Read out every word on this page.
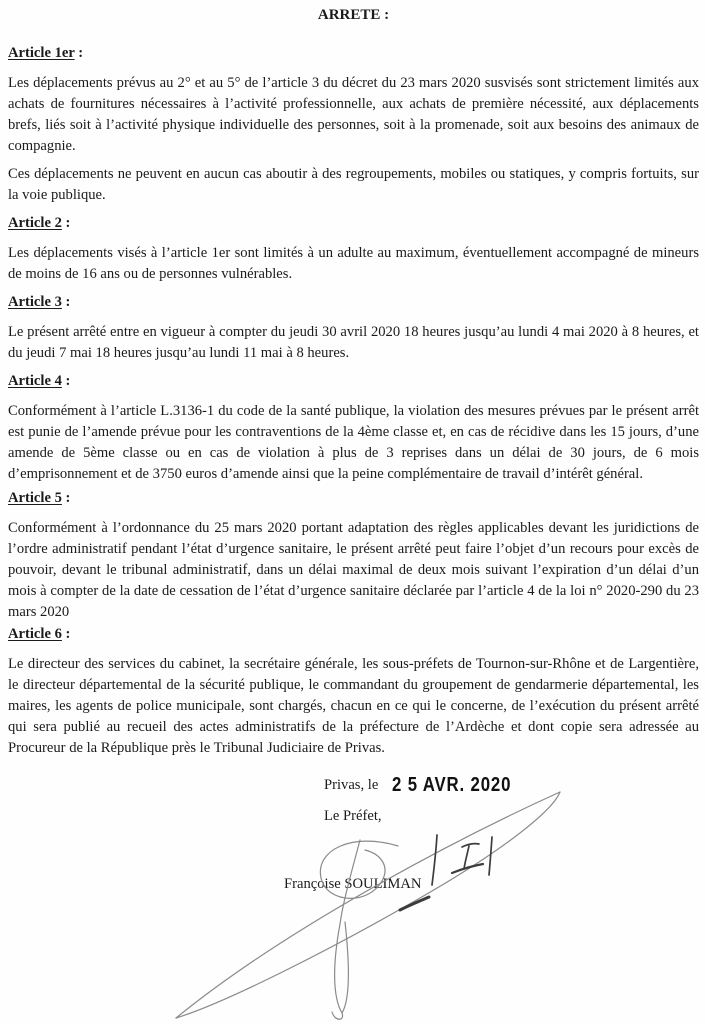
ARRETE :
Article 1er :

Les déplacements prévus au 2° et au 5° de l’article 3 du décret du 23 mars 2020 susvisés sont strictement limités aux achats de fournitures nécessaires à l’activité professionnelle, aux achats de première nécessité, aux déplacements brefs, liés soit à l’activité physique individuelle des personnes, soit à la promenade, soit aux besoins des animaux de compagnie.

Ces déplacements ne peuvent en aucun cas aboutir à des regroupements, mobiles ou statiques, y compris fortuits, sur la voie publique.

Article 2 :

Les déplacements visés à l’article 1er sont limités à un adulte au maximum, éventuellement accompagné de mineurs de moins de 16 ans ou de personnes vulnérables.

Article 3 :

Le présent arrêté entre en vigueur à compter du jeudi 30 avril 2020 18 heures jusqu’au lundi 4 mai 2020 à 8 heures, et du jeudi 7 mai 18 heures jusqu’au lundi 11 mai à 8 heures.

Article 4 :

Conformément à l’article L.3136-1 du code de la santé publique, la violation des mesures prévues par le présent arrêt est punie de l’amende prévue pour les contraventions de la 4ème classe et, en cas de récidive dans les 15 jours, d’une amende de 5ème classe ou en cas de violation à plus de 3 reprises dans un délai de 30 jours, de 6 mois d’emprisonnement et de 3750 euros d’amende ainsi que la peine complémentaire de travail d’intérêt général.

Article 5 :

Conformément à l’ordonnance du 25 mars 2020 portant adaptation des règles applicables devant les juridictions de l’ordre administratif pendant l’état d’urgence sanitaire, le présent arrêté peut faire l’objet d’un recours pour excès de pouvoir, devant le tribunal administratif, dans un délai maximal de deux mois suivant l’expiration d’un délai d’un mois à compter de la date de cessation de l’état d’urgence sanitaire déclarée par l’article 4 de la loi n° 2020-290 du 23 mars 2020

Article 6 :

Le directeur des services du cabinet, la secrétaire générale, les sous-préfets de Tournon-sur-Rhône et de Largentière, le directeur départemental de la sécurité publique, le commandant du groupement de gendarmerie départemental, les maires, les agents de police municipale, sont chargés, chacun en ce qui le concerne, de l’exécution du présent arrêté qui sera publié au recueil des actes administratifs de la préfecture de l’Ardèche et dont copie sera adressée au Procureur de la République près le Tribunal Judiciaire de Privas.

Privas, le 2 5 AVR. 2020
Le Préfet,
Françoise SOULIMAN
